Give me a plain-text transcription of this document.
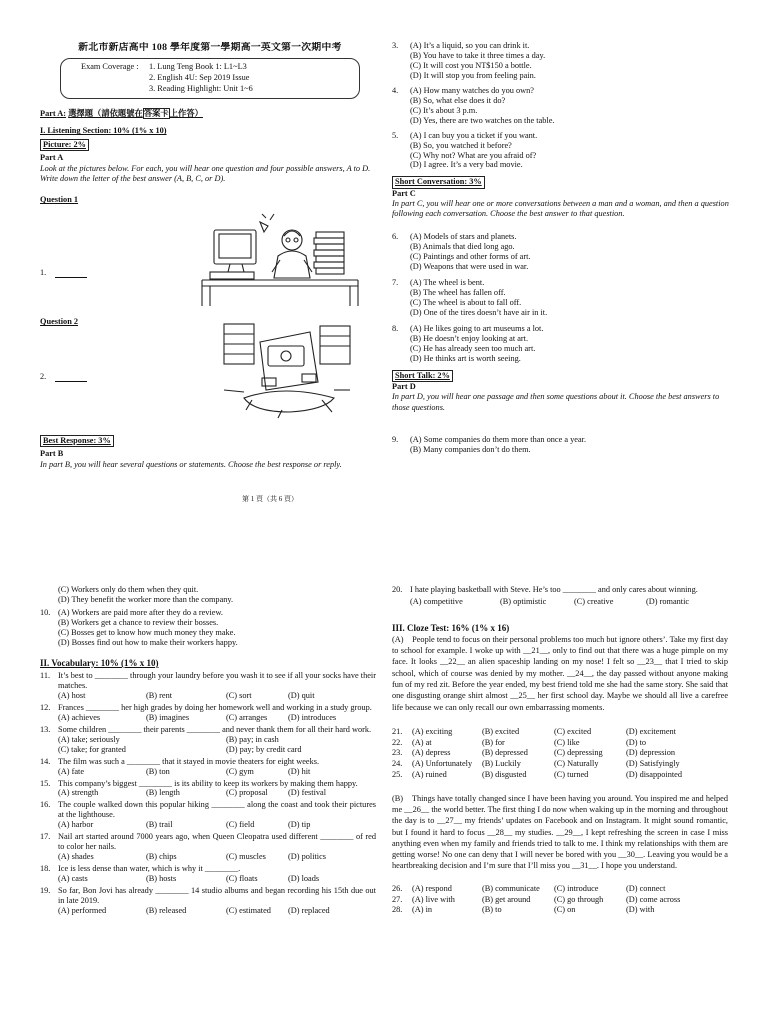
新北市新店高中 108 學年度第一學期高一英文第一次期中考
Exam Coverage :	1. Lung Teng Book 1: L1~L3
2. English 4U: Sep 2019 Issue
3. Reading Highlight: Unit 1~6
Part A: 選擇題（請依題號在答案卡上作答）
I. Listening Section: 10% (1% x 10)
Picture: 2%
Part A
Look at the pictures below. For each, you will hear one question and four possible answers, A to D. Write down the letter of the best answer (A, B, C, or D).
Question 1
1.
Question 2
2.
Best Response: 3%
Part B
In part B, you will hear several questions or statements. Choose the best response or reply.
第 1 頁（共 6 頁）
3.	(A) It’s a liquid, so you can drink it.
(B) You have to take it three times a day.
(C) It will cost you NT$150 a bottle.
(D) It will stop you from feeling pain.
4.	(A) How many watches do you own?
(B) So, what else does it do?
(C) It’s about 3 p.m.
(D) Yes, there are two watches on the table.
5.	(A) I can buy you a ticket if you want.
(B) So, you watched it before?
(C) Why not? What are you afraid of?
(D) I agree. It’s a very bad movie.
Short Conversation: 3%
Part C
In part C, you will hear one or more conversations between a man and a woman, and then a question following each conversation. Choose the best answer to that question.
6.	(A) Models of stars and planets.
(B) Animals that died long ago.
(C) Paintings and other forms of art.
(D) Weapons that were used in war.
7.	(A) The wheel is bent.
(B) The wheel has fallen off.
(C) The wheel is about to fall off.
(D) One of the tires doesn’t have air in it.
8.	(A) He likes going to art museums a lot.
(B) He doesn’t enjoy looking at art.
(C) He has already seen too much art.
(D) He thinks art is worth seeing.
Short Talk: 2%
Part D
In part D, you will hear one passage and then some questions about it. Choose the best answers to those questions.
9.	(A) Some companies do them more than once a year.
(B) Many companies don’t do them.
(C) Workers only do them when they quit.
(D) They benefit the worker more than the company.
10. (A) Workers are paid more after they do a review.
(B) Workers get a chance to review their bosses.
(C) Bosses get to know how much money they make.
(D) Bosses find out how to make their workers happy.
II. Vocabulary: 10% (1% x 10)
11. It’s best to ________ through your laundry before you wash it to see if all your socks have their matches.
(A) host	(B) rent	(C) sort	(D) quit
12. Frances ________ her high grades by doing her homework well and working in a study group.
(A) achieves	(B) imagines	(C) arranges	(D) introduces
13. Some children ________ their parents ________ and never thank them for all their hard work.
(A) take; seriously	(B) pay; in cash
(C) take; for granted	(D) pay; by credit card
14. The film was such a ________ that it stayed in movie theaters for eight weeks.
(A) fate	(B) ton	(C) gym	(D) hit
15. This company’s biggest ________ is its ability to keep its workers by making them happy.
(A) strength	(B) length	(C) proposal	(D) festival
16. The couple walked down this popular hiking ________ along the coast and took their pictures at the lighthouse.
(A) harbor	(B) trail	(C) field	(D) tip
17. Nail art started around 7000 years ago, when Queen Cleopatra used different ________ of red to color her nails.
(A) shades	(B) chips	(C) muscles	(D) politics
18. Ice is less dense than water, which is why it ________.
(A) casts	(B) hosts	(C) floats	(D) loads
19. So far, Bon Jovi has already ________ 14 studio albums and began recording his 15th due out in late 2019.
(A) performed	(B) released	(C) estimated	(D) replaced
20. I hate playing basketball with Steve. He’s too ________ and only cares about winning.
(A) competitive	(B) optimistic	(C) creative	(D) romantic
III. Cloze Test: 16% (1% x 16)
(A) People tend to focus on their personal problems too much but ignore others’. Take my first day to school for example. I woke up with __21__, only to find out that there was a huge pimple on my face. It looks __22__ an alien spaceship landing on my nose! I felt so __23__ that I tried to skip school, which of course was denied by my mother. __24__, the day passed without anyone making fun of my red zit. Before the year ended, my best friend told me she had the same story. She said that one disgusting orange shirt almost __25__ her first school day. Maybe we should all live a carefree life because we can only recall our own embarrassing moments.
21.	(A) exciting	(B) excited	(C) excited	(D) excitement
22.	(A) at	(B) for	(C) like	(D) to
23.	(A) depress	(B) depressed	(C) depressing	(D) depression
24.	(A) Unfortunately	(B) Luckily	(C) Naturally	(D) Satisfyingly
25.	(A) ruined	(B) disgusted	(C) turned	(D) disappointed
(B) Things have totally changed since I have been having you around. You inspired me and helped me __26__ the world better. The first thing I do now when waking up in the morning and throughout the day is to __27__ my friends’ updates on Facebook and on Instagram. It might sound romantic, but I found it hard to focus __28__ my studies. __29__, I kept refreshing the screen in case I miss anything even when my family and friends tried to talk to me. I think my relationships with them are getting worse! No one can deny that I will never be bored with you __30__. Leaving you would be a heartbreaking decision and I’m sure that I’ll miss you __31__. I hope you understand.
26.	(A) respond	(B) communicate	(C) introduce	(D) connect
27.	(A) live with	(B) get around	(C) go through	(D) come across
28.	(A) in	(B) to	(C) on	(D) with
